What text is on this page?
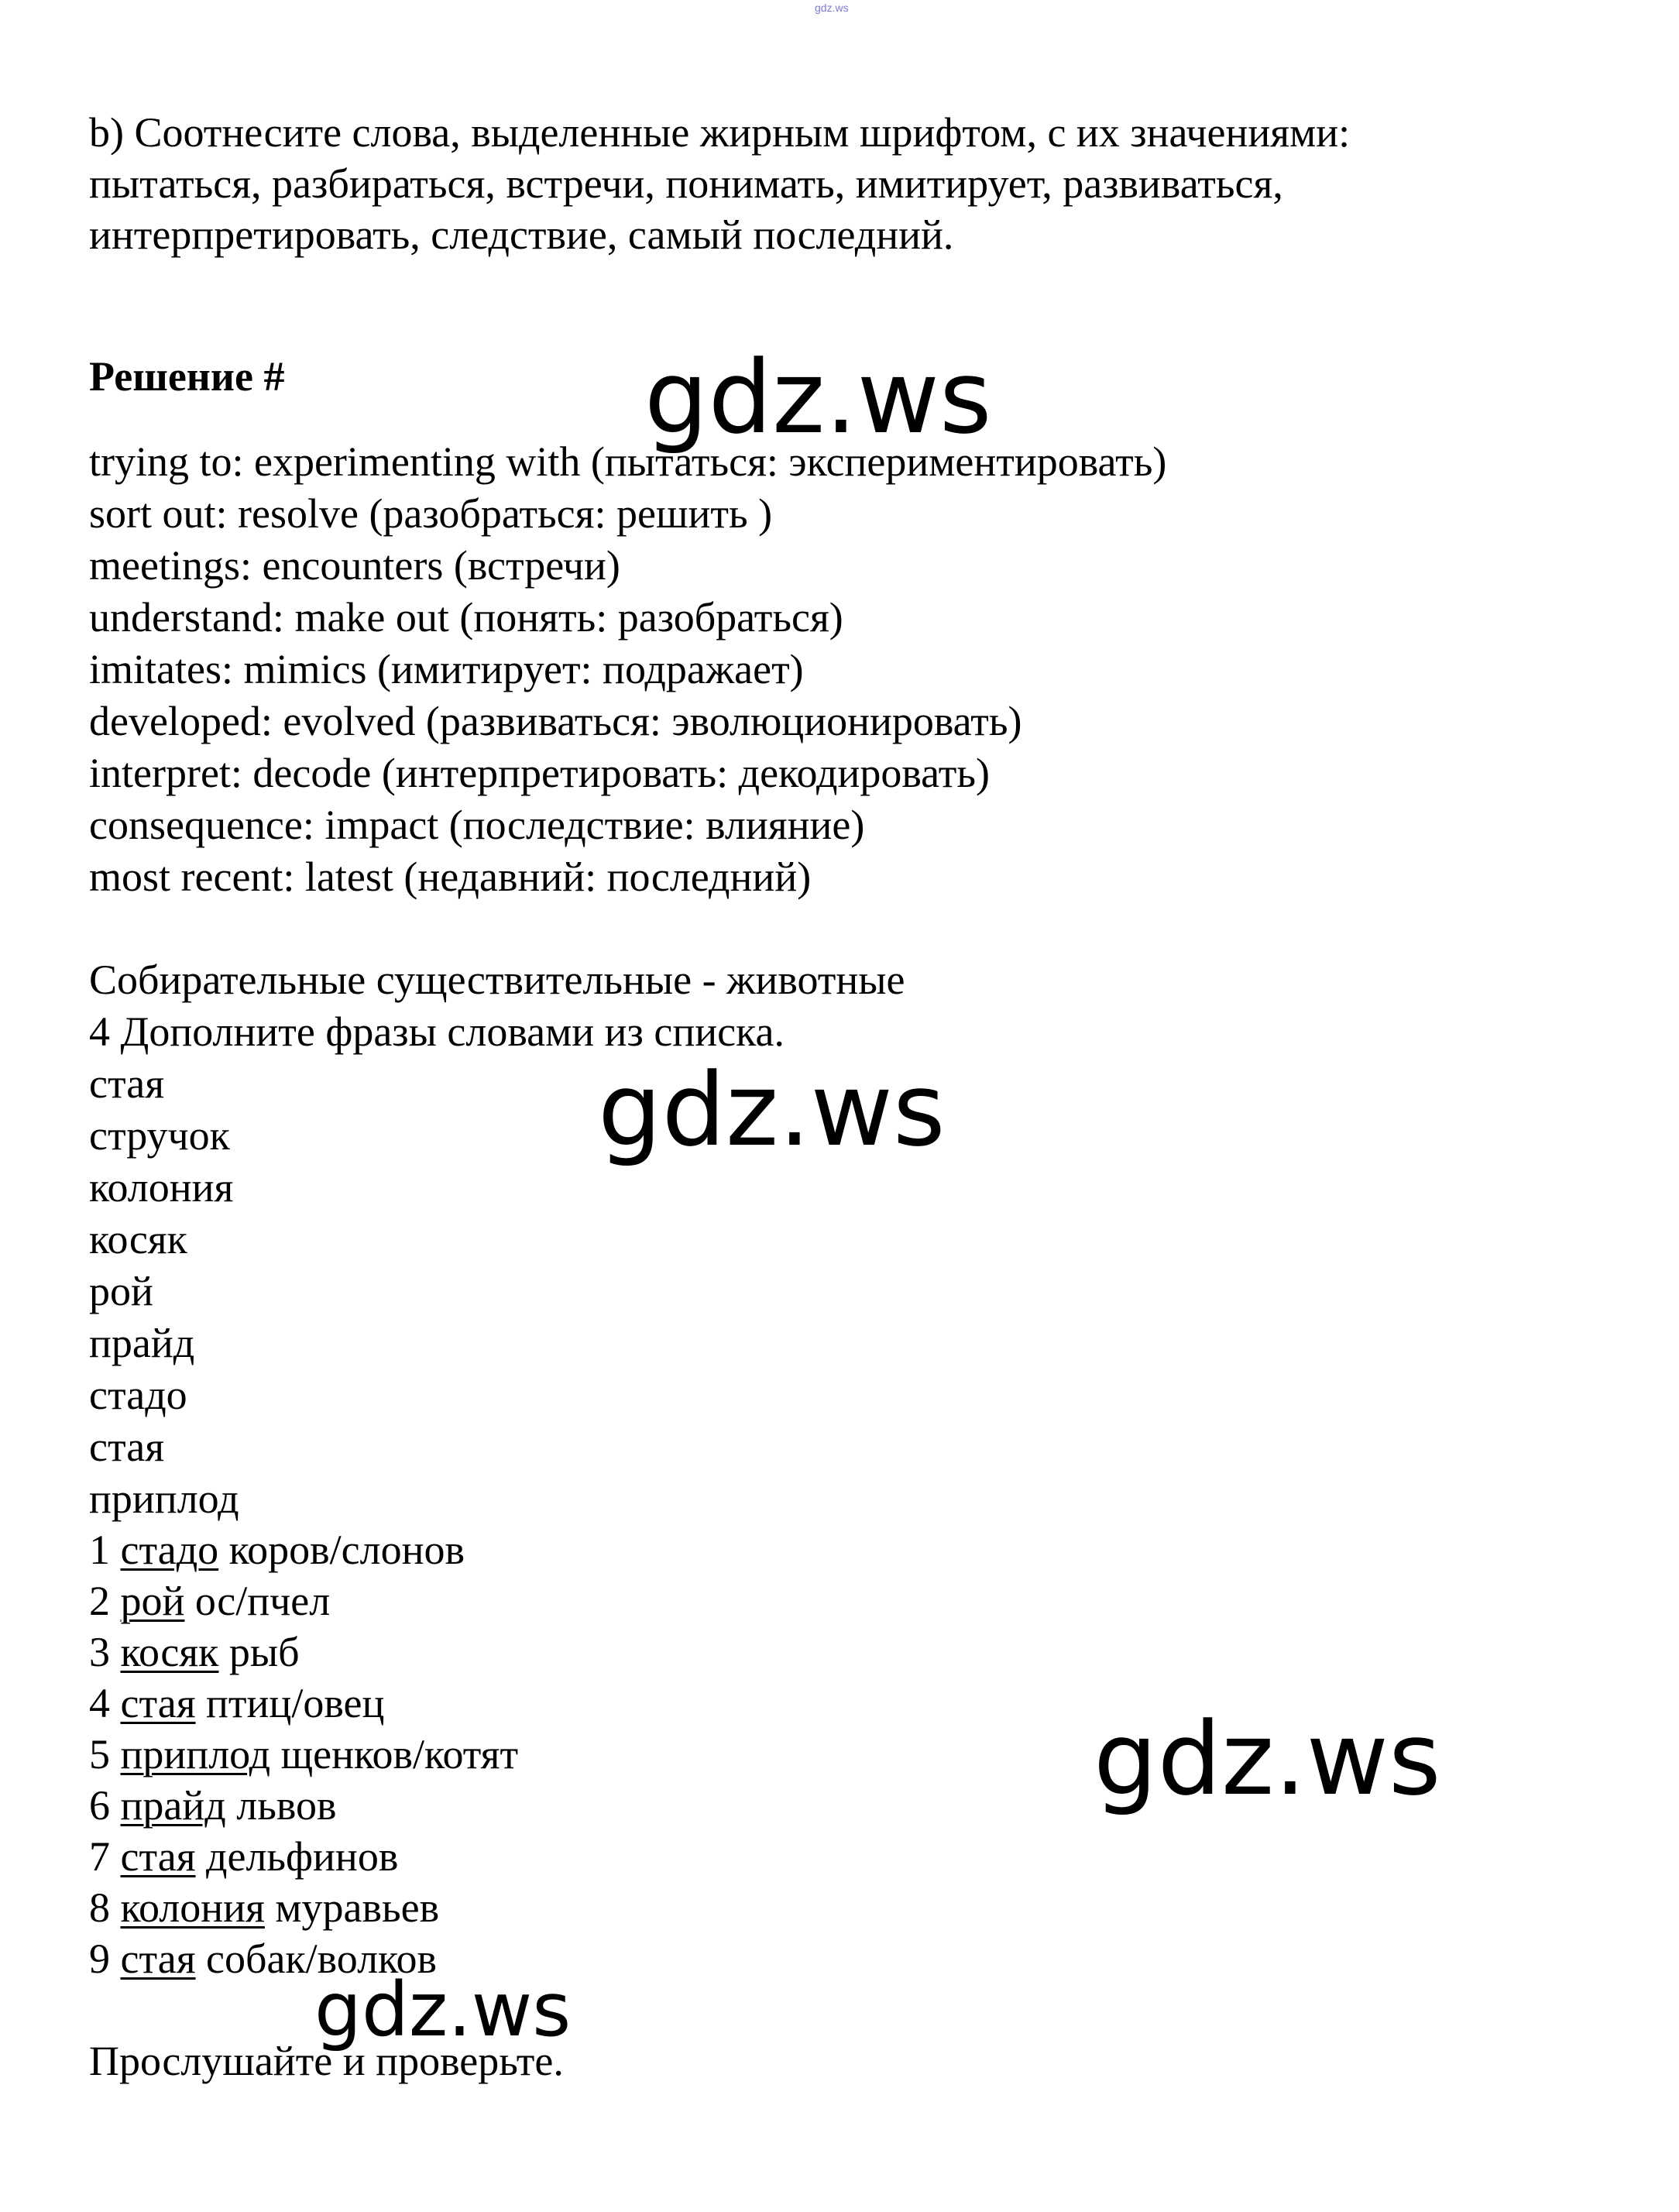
gdz.ws
b) Соотнесите слова, выделенные жирным шрифтом, с их значениями:
пытаться, разбираться, встречи, понимать, имитирует, развиваться,
интерпретировать, следствие, самый последний.
Решение #
trying to: experimenting with (пытаться: экспериментировать)
sort out: resolve (разобраться: решить )
meetings: encounters (встречи)
understand: make out (понять: разобраться)
imitates: mimics (имитирует: подражает)
developed: evolved (развиваться: эволюционировать)
interpret: decode (интерпретировать: декодировать)
consequence: impact (последствие: влияние)
most recent: latest (недавний: последний)
Собирательные существительные - животные
4 Дополните фразы словами из списка.
стая
стручок
колония
косяк
рой
прайд
стадо
стая
приплод
1 стадо коров/слонов
2 рой ос/пчел
3 косяк рыб
4 стая птиц/овец
5 приплод щенков/котят
6 прайд львов
7 стая дельфинов
8 колония муравьев
9 стая собак/волков
Прослушайте и проверьте.
gdz.ws
gdz.ws
gdz.ws
gdz.ws
